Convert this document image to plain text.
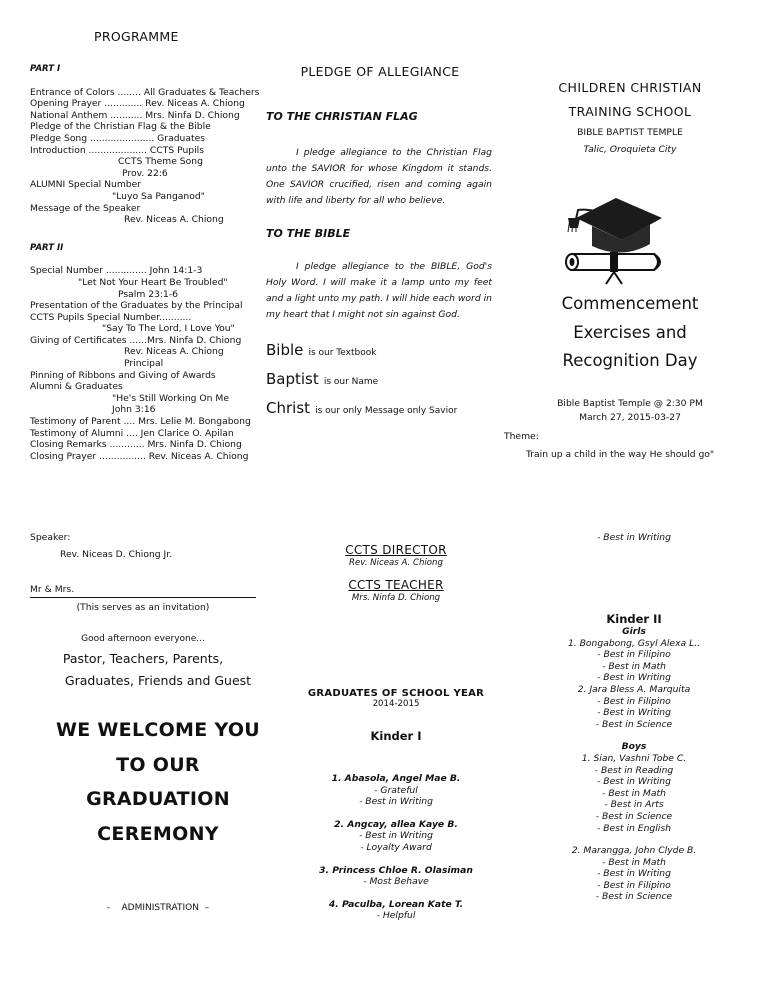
PROGRAMME
PART I
Entrance of Colors ........ All Graduates & Teachers
Opening Prayer ............. Rev. Niceas A. Chiong
National Anthem ........... Mrs. Ninfa D. Chiong
Pledge of the Christian Flag & the Bible
Pledge Song ...................... Graduates
Introduction .................... CCTS Pupils
CCTS Theme Song
Prov. 22:6
ALUMNI Special Number
"Luyo Sa Panganod"
Message of the Speaker
Rev. Niceas A. Chiong
PART II
Special Number .............. John 14:1-3
"Let Not Your Heart Be Troubled"
Psalm 23:1-6
Presentation of the Graduates by the Principal
CCTS Pupils Special Number...........
"Say To The Lord, I Love You"
Giving of Certificates ......Mrs. Ninfa D. Chiong
Rev. Niceas A. Chiong
Principal
Pinning of Ribbons and Giving of Awards
Alumni & Graduates
"He's Still Working On Me
John 3:16
Testimony of Parent .... Mrs. Lelie M. Bongabong
Testimony of Alumni .... Jen Clarice O. Apilan
Closing Remarks ............ Mrs. Ninfa D. Chiong
Closing Prayer ................ Rev. Niceas A. Chiong
PLEDGE OF ALLEGIANCE
TO THE CHRISTIAN FLAG
I pledge allegiance to the Christian Flag unto the SAVIOR for whose Kingdom it stands. One SAVIOR crucified, risen and coming again with life and liberty for all who believe.
TO THE BIBLE
I pledge allegiance to the BIBLE, God's Holy Word. I will make it a lamp unto my feet and a light unto my path. I will hide each word in my heart that I might not sin against God.
Bible is our Textbook
Baptist is our Name
Christ is our only Message only Savior
CHILDREN CHRISTIAN
TRAINING SCHOOL
BIBLE BAPTIST TEMPLE
Talic, Oroquieta City
Commencement
Exercises and
Recognition Day
Bible Baptist Temple @ 2:30 PM
March 27, 2015-03-27
Theme:
Train up a child in the way He should go"
Speaker:
Rev. Niceas D. Chiong Jr.
Mr & Mrs.
(This serves as an invitation)
Good afternoon everyone...
Pastor, Teachers, Parents,
Graduates, Friends and Guest
WE WELCOME YOU
TO OUR
GRADUATION
CEREMONY
-    ADMINISTRATION  –
CCTS DIRECTOR
Rev. Niceas A. Chiong
CCTS TEACHER
Mrs. Ninfa D. Chiong
GRADUATES OF SCHOOL YEAR
2014-2015
Kinder I
1. Abasola, Angel Mae B.
- Grateful
- Best in Writing
2. Angcay, allea Kaye B.
- Best in Writing
- Loyalty Award
3. Princess Chloe R. Olasiman
- Most Behave
4. Paculba, Lorean Kate T.
- Helpful
- Best in Writing
Kinder II
Girls
1. Bongabong, Gsyl Alexa L..
- Best in Filipino
- Best in Math
- Best in Writing
2. Jara Bless A. Marquita
- Best in Filipino
- Best in Writing
- Best in Science
Boys
1. Sian, Vashni Tobe C.
- Best in Reading
- Best in Writing
- Best in Math
- Best in Arts
- Best in Science
- Best in English
2. Marangga, John Clyde B.
- Best in Math
- Best in Writing
- Best in Filipino
- Best in Science
